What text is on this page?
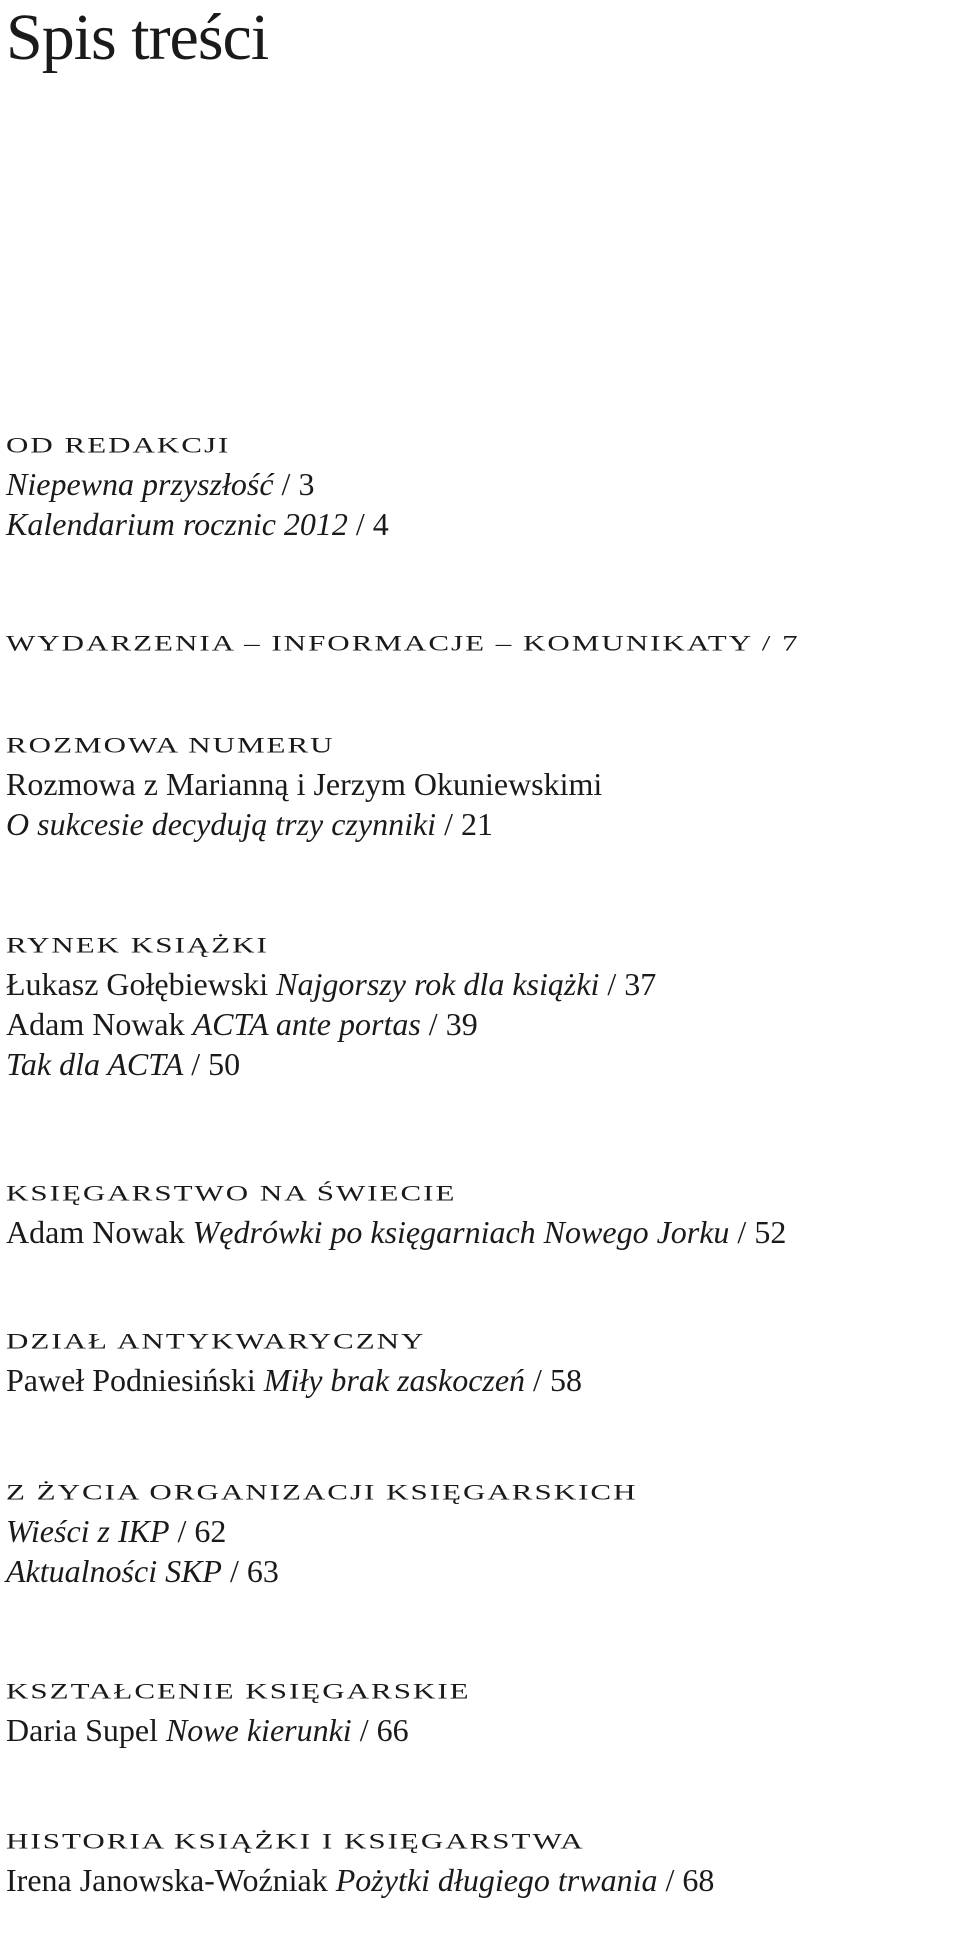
Spis treści
OD REDAKCJI
Niepewna przyszłość / 3
Kalendarium rocznic 2012 / 4
WYDARZENIA – INFORMACJE – KOMUNIKATY / 7
ROZMOWA NUMERU
Rozmowa z Marianną i Jerzym Okuniewskimi
O sukcesie decydują trzy czynniki / 21
RYNEK KSIĄŻKI
Łukasz Gołębiewski Najgorszy rok dla książki / 37
Adam Nowak ACTA ante portas / 39
Tak dla ACTA / 50
KSIĘGARSTWO NA ŚWIECIE
Adam Nowak Wędrówki po księgarniach Nowego Jorku / 52
DZIAŁ ANTYKWARYCZNY
Paweł Podniesiński Miły brak zaskoczeń / 58
Z ŻYCIA ORGANIZACJI KSIĘGARSKICH
Wieści z IKP / 62
Aktualności SKP / 63
KSZTAŁCENIE KSIĘGARSKIE
Daria Supel Nowe kierunki / 66
HISTORIA KSIĄŻKI I KSIĘGARSTWA
Irena Janowska-Woźniak Pożytki długiego trwania / 68
